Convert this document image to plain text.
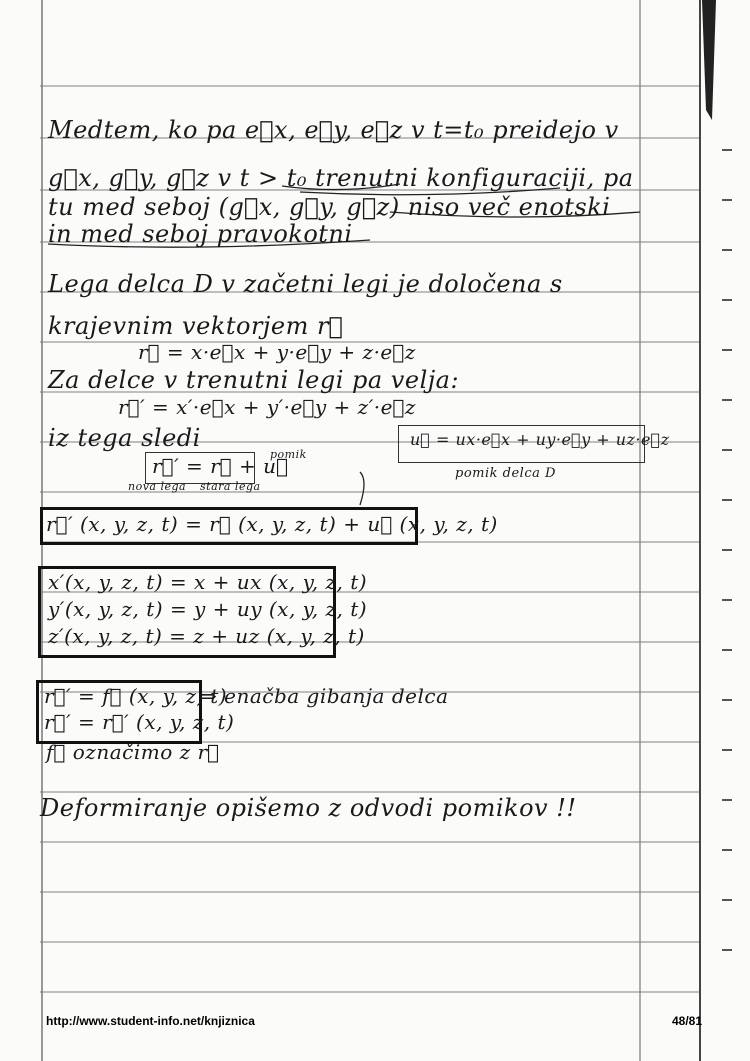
Medtem, ko pa e⃗x, e⃗y, e⃗z v t=t₀ preidejo v
g⃗x, g⃗y, g⃗z v t > t₀ trenutni konfiguraciji, pa
tu med seboj (g⃗x, g⃗y, g⃗z) niso več enotski
in med seboj pravokotni
Lega delca D v začetni legi je določena s
krajevnim vektorjem r⃗
r⃗ = x·e⃗x + y·e⃗y + z·e⃗z
Za delce v trenutni legi pa velja:
r⃗′ = x′·e⃗x + y′·e⃗y + z′·e⃗z
iz tega sledi
r⃗′ = r⃗ + u⃗
pomik
nova lega stara lega
u⃗ = ux·e⃗x + uy·e⃗y + uz·e⃗z
pomik delca D
r⃗′ (x, y, z, t) = r⃗ (x, y, z, t) + u⃗ (x, y, z, t)
x′(x, y, z, t) = x + ux (x, y, z, t)
y′(x, y, z, t) = y + uy (x, y, z, t)
z′(x, y, z, t) = z + uz (x, y, z, t)
r⃗′ = f⃗ (x, y, z, t)
⇒ enačba gibanja delca
r⃗′ = r⃗′ (x, y, z, t)
f⃗ označimo z r⃗
Deformiranje opišemo z odvodi pomikov !!
http://www.student-info.net/knjiznica	48/81
